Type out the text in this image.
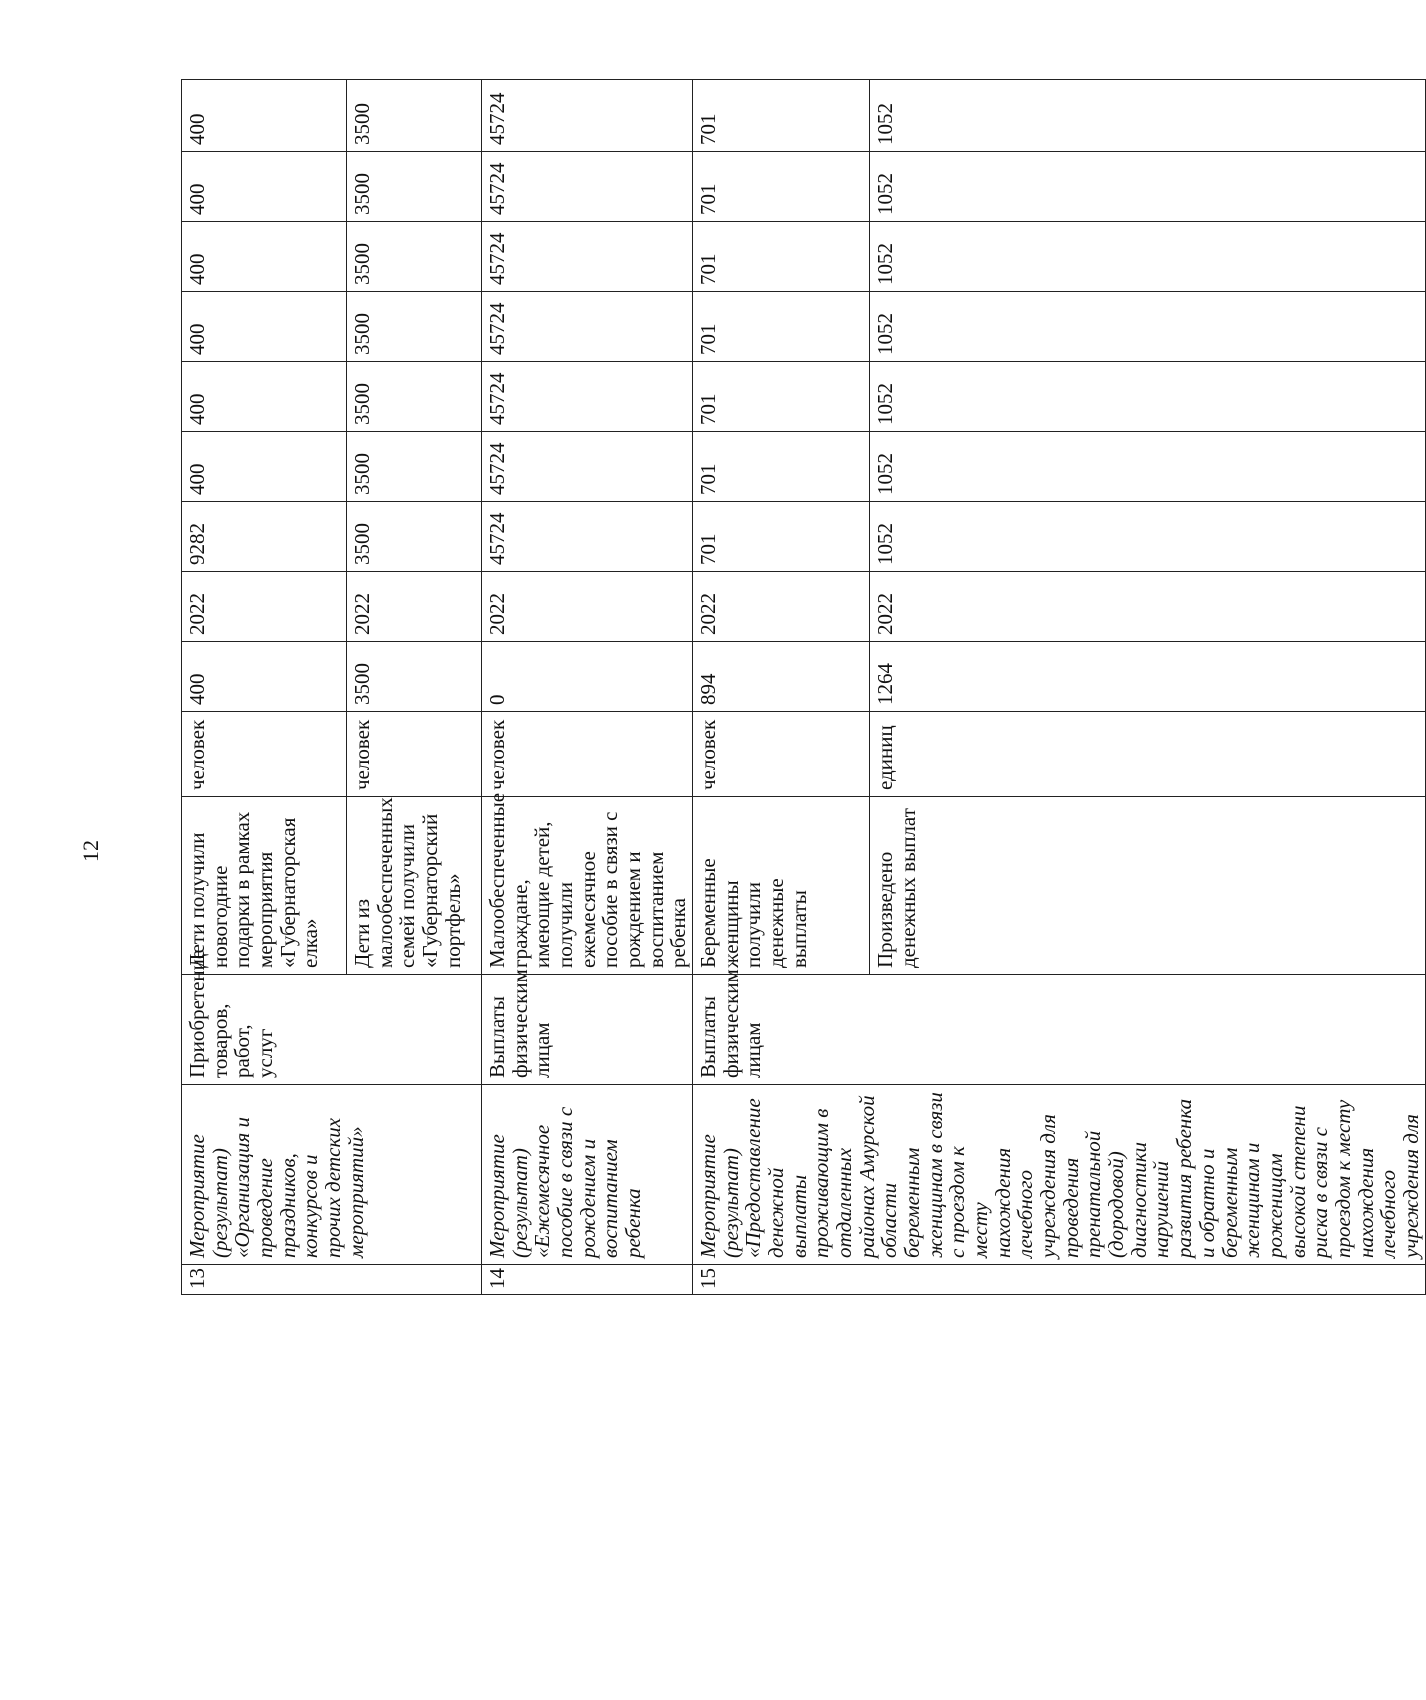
12
13	Мероприятие (результат) «Организация и проведение праздников, конкурсов и прочих детских мероприятий»	Приобретение товаров, работ, услуг	Дети получили новогодние подарки в рамках мероприятия «Губернаторская елка»	человек	400	2022	9282	400	400	400	400	400	400
			Дети из малообеспеченных семей получили «Губернаторский портфель»	человек	3500	2022	3500	3500	3500	3500	3500	3500	3500
14	Мероприятие (результат) «Ежемесячное пособие в связи с рождением и воспитанием ребенка	Выплаты физическим лицам	Малообеспеченные граждане, имеющие детей, получили ежемесячное пособие в связи с рождением и воспитанием ребенка	человек	0	2022	45724	45724	45724	45724	45724	45724	45724
15	Мероприятие (результат) «Предоставление денежной выплаты проживающим в отдаленных районах Амурской области беременным женщинам в связи с проездом к месту нахождения лечебного учреждения для проведения пренатальной (дородовой) диагностики нарушений развития ребенка и обратно и беременным женщинам и роженицам высокой степени риска в связи с проездом к месту нахождения лечебного учреждения для	Выплаты физическим лицам	Беременные женщины получили денежные выплаты	человек	894	2022	701	701	701	701	701	701	701
			Произведено денежных выплат	единиц	1264	2022	1052	1052	1052	1052	1052	1052	1052
